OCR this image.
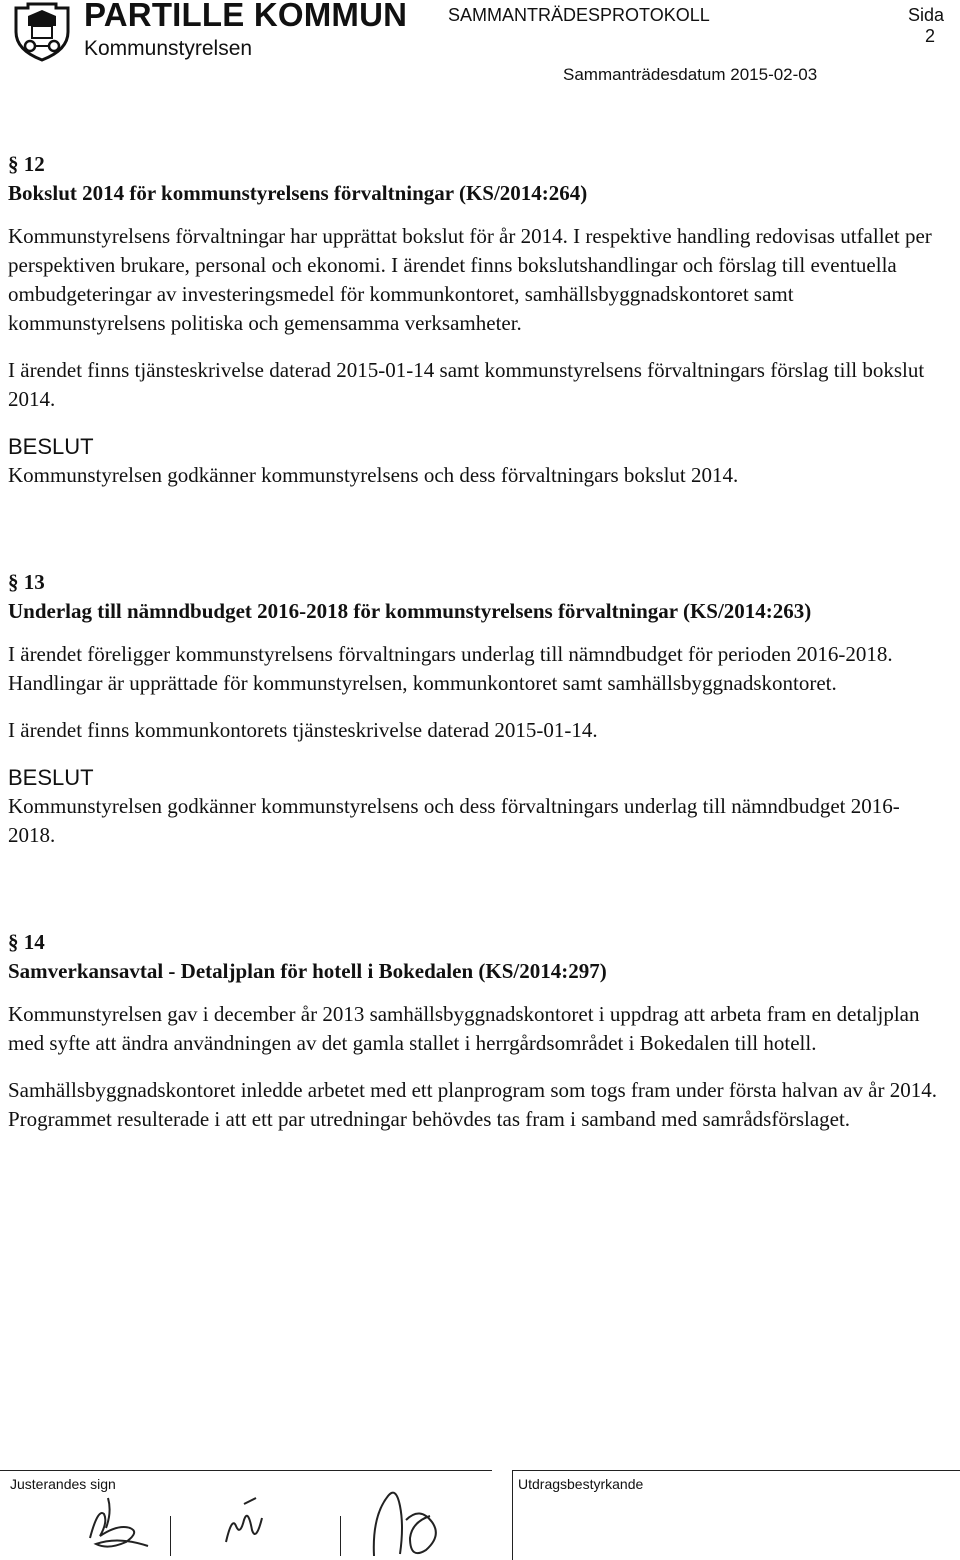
PARTILLE KOMMUN
Kommunstyrelsen
SAMMANTRÄDESPROTOKOLL	Sida
2
Sammanträdesdatum 2015-02-03

§ 12

Bokslut 2014 för kommunstyrelsens förvaltningar (KS/2014:264)

Kommunstyrelsens förvaltningar har upprättat bokslut för år 2014. I respektive handling redovisas utfallet per perspektiven brukare, personal och ekonomi. I ärendet finns bokslutshandlingar och förslag till eventuella ombudgeteringar av investeringsmedel för kommunkontoret, samhällsbyggnadskontoret samt kommunstyrelsens politiska och gemensamma verksamheter.

I ärendet finns tjänsteskrivelse daterad 2015-01-14 samt kommunstyrelsens förvaltningars förslag till bokslut 2014.

BESLUT

Kommunstyrelsen godkänner kommunstyrelsens och dess förvaltningars bokslut 2014.

§ 13

Underlag till nämndbudget 2016-2018 för kommunstyrelsens förvaltningar (KS/2014:263)

I ärendet föreligger kommunstyrelsens förvaltningars underlag till nämndbudget för perioden 2016-2018. Handlingar är upprättade för kommunstyrelsen, kommunkontoret samt samhällsbyggnadskontoret.

I ärendet finns kommunkontorets tjänsteskrivelse daterad 2015-01-14.

BESLUT

Kommunstyrelsen godkänner kommunstyrelsens och dess förvaltningars underlag till nämndbudget 2016-2018.

§ 14

Samverkansavtal - Detaljplan för hotell i Bokedalen (KS/2014:297)

Kommunstyrelsen gav i december år 2013 samhällsbyggnadskontoret i uppdrag att arbeta fram en detaljplan med syfte att ändra användningen av det gamla stallet i herrgårdsområdet i Bokedalen till hotell.

Samhällsbyggnadskontoret inledde arbetet med ett planprogram som togs fram under första halvan av år 2014. Programmet resulterade i att ett par utredningar behövdes tas fram i samband med samrådsförslaget.

Justerandes sign	Utdragsbestyrkande
